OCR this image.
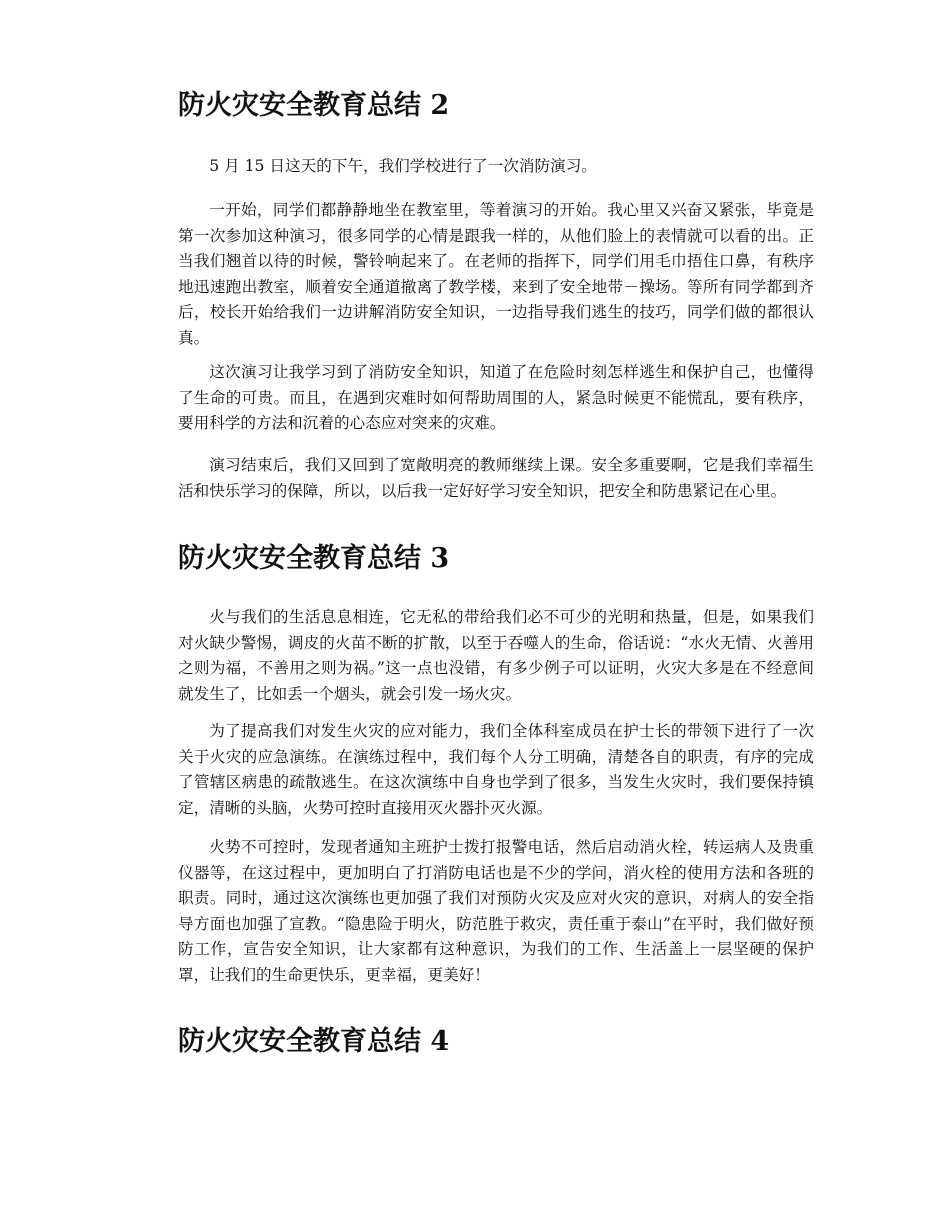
防火灾安全教育总结 2

5 月 15 日这天的下午，我们学校进行了一次消防演习。

一开始，同学们都静静地坐在教室里，等着演习的开始。我心里又兴奋又紧张，毕竟是第一次参加这种演习，很多同学的心情是跟我一样的，从他们脸上的表情就可以看的出。正当我们翘首以待的时候，警铃响起来了。在老师的指挥下，同学们用毛巾捂住口鼻，有秩序地迅速跑出教室，顺着安全通道撤离了教学楼，来到了安全地带－操场。等所有同学都到齐后，校长开始给我们一边讲解消防安全知识，一边指导我们逃生的技巧，同学们做的都很认真。

这次演习让我学习到了消防安全知识，知道了在危险时刻怎样逃生和保护自己，也懂得了生命的可贵。而且，在遇到灾难时如何帮助周围的人，紧急时候更不能慌乱，要有秩序，要用科学的方法和沉着的心态应对突来的灾难。

演习结束后，我们又回到了宽敞明亮的教师继续上课。安全多重要啊，它是我们幸福生活和快乐学习的保障，所以，以后我一定好好学习安全知识，把安全和防患紧记在心里。

防火灾安全教育总结 3

火与我们的生活息息相连，它无私的带给我们必不可少的光明和热量，但是，如果我们对火缺少警惕，调皮的火苗不断的扩散，以至于吞噬人的生命，俗话说：“水火无情、火善用之则为福，不善用之则为祸。”这一点也没错，有多少例子可以证明，火灾大多是在不经意间就发生了，比如丢一个烟头，就会引发一场火灾。

为了提高我们对发生火灾的应对能力，我们全体科室成员在护士长的带领下进行了一次关于火灾的应急演练。在演练过程中，我们每个人分工明确，清楚各自的职责，有序的完成了管辖区病患的疏散逃生。在这次演练中自身也学到了很多，当发生火灾时，我们要保持镇定，清晰的头脑，火势可控时直接用灭火器扑灭火源。

火势不可控时，发现者通知主班护士拨打报警电话，然后启动消火栓，转运病人及贵重仪器等，在这过程中，更加明白了打消防电话也是不少的学问，消火栓的使用方法和各班的职责。同时，通过这次演练也更加强了我们对预防火灾及应对火灾的意识，对病人的安全指导方面也加强了宣教。“隐患险于明火，防范胜于救灾，责任重于泰山”在平时，我们做好预防工作，宣告安全知识，让大家都有这种意识，为我们的工作、生活盖上一层坚硬的保护罩，让我们的生命更快乐，更幸福，更美好！

防火灾安全教育总结 4
